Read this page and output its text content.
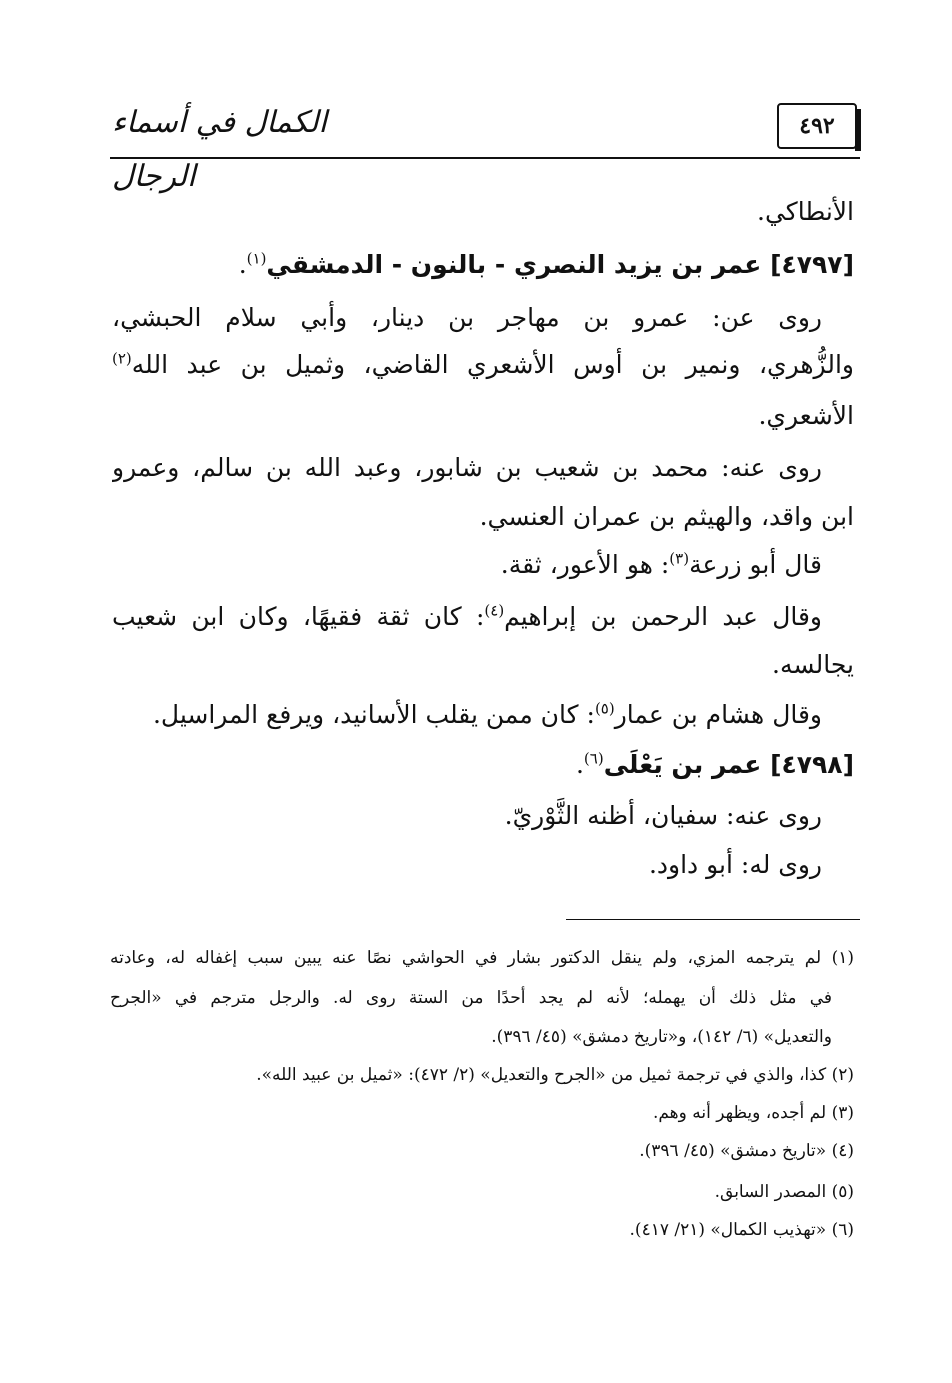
الكمال في أسماء الرجال
٤٩٢
الأنطاكي.
[٤٧٩٧] عمر بن يزيد النصري - بالنون - الدمشقي$^{(١)}$.
روى عن: عمرو بن مهاجر بن دينار، وأبي سلام الحبشي،
والزُّهري، ونمير بن أوس الأشعري القاضي، وثميل بن عبد الله$^{(٢)}$
الأشعري.
روى عنه: محمد بن شعيب بن شابور، وعبد الله بن سالم، وعمرو
ابن واقد، والهيثم بن عمران العنسي.
قال أبو زرعة$^{(٣)}$: هو الأعور، ثقة.
وقال عبد الرحمن بن إبراهيم$^{(٤)}$: كان ثقة فقيهًا، وكان ابن شعيب
يجالسه.
وقال هشام بن عمار$^{(٥)}$: كان ممن يقلب الأسانيد، ويرفع المراسيل.
[٤٧٩٨] عمر بن يَعْلَى$^{(٦)}$.
روى عنه: سفيان، أظنه الثَّوْريّ.
روى له: أبو داود.
(١) لم يترجمه المزي، ولم ينقل الدكتور بشار في الحواشي نصًا عنه يبين سبب إغفاله له، وعادته
في مثل ذلك أن يهمله؛ لأنه لم يجد أحدًا من الستة روى له. والرجل مترجم في «الجرح
والتعديل» (٦/ ١٤٢)، و«تاريخ دمشق» (٤٥/ ٣٩٦).
(٢) كذا، والذي في ترجمة ثميل من «الجرح والتعديل» (٢/ ٤٧٢): «ثميل بن عبيد الله».
(٣) لم أجده، ويظهر أنه وهم.
(٤) «تاريخ دمشق» (٤٥/ ٣٩٦).
(٥) المصدر السابق.
(٦) «تهذيب الكمال» (٢١/ ٤١٧).
